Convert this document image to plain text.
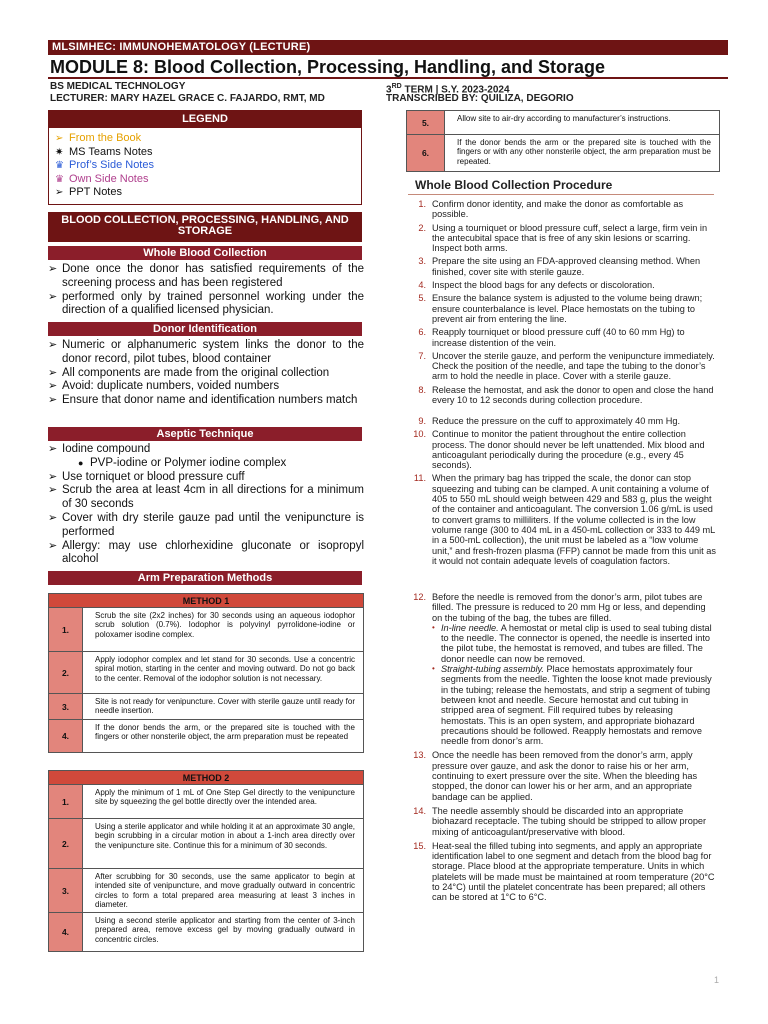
MLSIMHEC: IMMUNOHEMATOLOGY (LECTURE)
MODULE 8: Blood Collection, Processing, Handling, and Storage
BS MEDICAL TECHNOLOGY
LECTURER: MARY HAZEL GRACE C. FAJARDO, RMT, MD
3RD TERM | S.Y. 2023-2024
TRANSCRIBED BY: QUILIZA, DEGORIO
LEGEND
➢ From the Book
✷ MS Teams Notes
♛ Prof’s Side Notes
♛ Own Side Notes
➢ PPT Notes
BLOOD COLLECTION, PROCESSING, HANDLING, AND STORAGE
Whole Blood Collection
➢ Done once the donor has satisfied requirements of the screening process and has been registered
➢ performed only by trained personnel working under the direction of a qualified licensed physician.
Donor Identification
➢ Numeric or alphanumeric system links the donor to the donor record, pilot tubes, blood container
➢ All components are made from the original collection
➢ Avoid: duplicate numbers, voided numbers
➢ Ensure that donor name and identification numbers match
Aseptic Technique
➢ Iodine compound
● PVP-iodine or Polymer iodine complex
➢ Use torniquet or blood pressure cuff
➢ Scrub the area at least 4cm in all directions for a minimum of 30 seconds
➢ Cover with dry sterile gauze pad until the venipuncture is performed
➢ Allergy: may use chlorhexidine gluconate or isopropyl alcohol
Arm Preparation Methods
METHOD 1
1.
Scrub the site (2x2 inches) for 30 seconds using an aqueous iodophor scrub solution (0.7%). Iodophor is polyvinyl pyrrolidone-iodine or poloxamer isodine complex.
2.
Apply iodophor complex and let stand for 30 seconds. Use a concentric spiral motion, starting in the center and moving outward. Do not go back to the center. Removal of the iodophor solution is not necessary.
3.	Site is not ready for venipuncture. Cover with sterile gauze until ready for needle insertion.
4.
If the donor bends the arm, or the prepared site is touched with the fingers or other nonsterile object, the arm preparation must be repeated
METHOD 2
1.
Apply the minimum of 1 mL of One Step Gel directly to the venipuncture site by squeezing the gel bottle directly over the intended area.
2.
Using a sterile applicator and while holding it at an approximate 30 angle, begin scrubbing in a circular motion in about a 1-inch area directly over the venipuncture site. Continue this for a minimum of 30 seconds.
3.
After scrubbing for 30 seconds, use the same applicator to begin at intended site of venipuncture, and move gradually outward in concentric circles to form a total prepared area measuring at least 3 inches in diameter.
4.
Using a second sterile applicator and starting from the center of 3-inch prepared area, remove excess gel by moving gradually outward in concentric circles.
5.	Allow site to air-dry according to manufacturer’s instructions.
6.
If the donor bends the arm or the prepared site is touched with the fingers or with any other nonsterile object, the arm preparation must be repeated.
Whole Blood Collection Procedure
1. Confirm donor identity, and make the donor as comfortable as possible.
2. Using a tourniquet or blood pressure cuff, select a large, firm vein in the antecubital space that is free of any skin lesions or scarring. Inspect both arms.
3. Prepare the site using an FDA-approved cleansing method. When finished, cover site with sterile gauze.
4. Inspect the blood bags for any defects or discoloration.
5. Ensure the balance system is adjusted to the volume being drawn; ensure counterbalance is level. Place hemostats on the tubing to prevent air from entering the line.
6. Reapply tourniquet or blood pressure cuff (40 to 60 mm Hg) to increase distention of the vein.
7. Uncover the sterile gauze, and perform the venipuncture immediately. Check the position of the needle, and tape the tubing to the donor’s arm to hold the needle in place. Cover with a sterile gauze.
8. Release the hemostat, and ask the donor to open and close the hand every 10 to 12 seconds during collection procedure.
9. Reduce the pressure on the cuff to approximately 40 mm Hg.
10. Continue to monitor the patient throughout the entire collection process. The donor should never be left unattended. Mix blood and anticoagulant periodically during the procedure (e.g., every 45 seconds).
11. When the primary bag has tripped the scale, the donor can stop squeezing and tubing can be clamped. A unit containing a volume of 405 to 550 mL should weigh between 429 and 583 g, plus the weight of the container and anticoagulant. The conversion 1.06 g/mL is used to convert grams to milliliters. If the volume collected is in the low volume range (300 to 404 mL in a 450-mL collection or 333 to 449 mL in a 500-mL collection), the unit must be labeled as a “low volume unit,” and fresh-frozen plasma (FFP) cannot be made from this unit as it would not contain adequate levels of coagulation factors.
12. Before the needle is removed from the donor’s arm, pilot tubes are filled. The pressure is reduced to 20 mm Hg or less, and depending on the tubing of the bag, the tubes are filled.
• In-line needle. A hemostat or metal clip is used to seal tubing distal to the needle. The connector is opened, the needle is inserted into the pilot tube, the hemostat is removed, and tubes are filled. The donor needle can now be removed.
• Straight-tubing assembly. Place hemostats approximately four segments from the needle. Tighten the loose knot made previously in the tubing; release the hemostats, and strip a segment of tubing between knot and needle. Secure hemostat and cut tubing in stripped area of segment. Fill required tubes by releasing hemostats. This is an open system, and appropriate biohazard precautions should be followed. Reapply hemostats and remove needle from donor’s arm.
13. Once the needle has been removed from the donor’s arm, apply pressure over gauze, and ask the donor to raise his or her arm, continuing to exert pressure over the site. When the bleeding has stopped, the donor can lower his or her arm, and an appropriate bandage can be applied.
14. The needle assembly should be discarded into an appropriate biohazard receptacle. The tubing should be stripped to allow proper mixing of anticoagulant/preservative with blood.
15. Heat-seal the filled tubing into segments, and apply an appropriate identification label to one segment and detach from the blood bag for storage. Place blood at the appropriate temperature. Units in which platelets will be made must be maintained at room temperature (20°C to 24°C) until the platelet concentrate has been prepared; all others can be stored at 1°C to 6°C.
1
